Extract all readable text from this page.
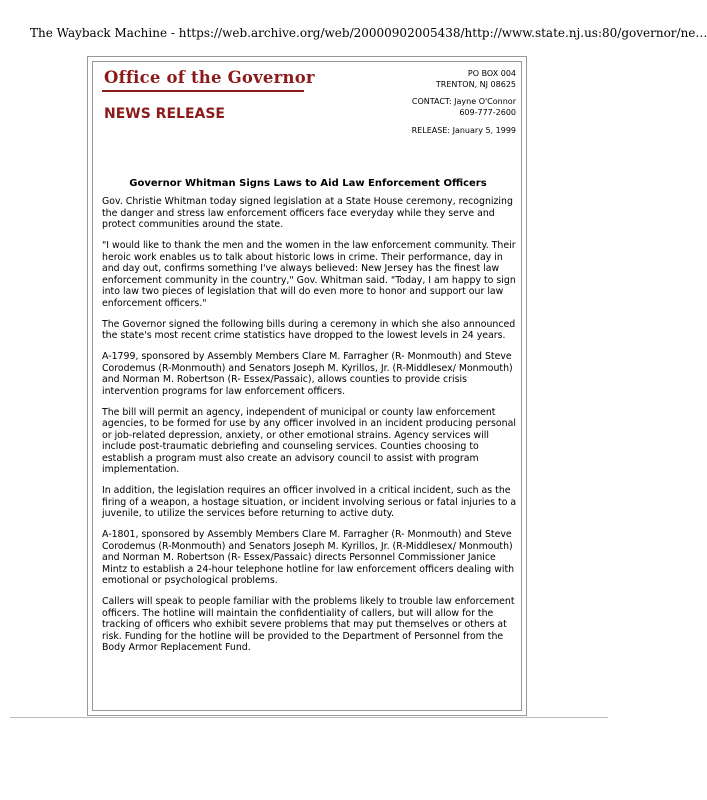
The Wayback Machine - https://web.archive.org/web/20000902005438/http://www.state.nj.us:80/governor/ne…
Office of the Governor
NEWS RELEASE
PO BOX 004
TRENTON, NJ 08625
CONTACT: Jayne O'Connor
609-777-2600
RELEASE: January 5, 1999
Governor Whitman Signs Laws to Aid Law Enforcement Officers

Gov. Christie Whitman today signed legislation at a State House ceremony, recognizing the danger and stress law enforcement officers face everyday while they serve and protect communities around the state.

"I would like to thank the men and the women in the law enforcement community. Their heroic work enables us to talk about historic lows in crime. Their performance, day in and day out, confirms something I've always believed: New Jersey has the finest law enforcement community in the country," Gov. Whitman said. "Today, I am happy to sign into law two pieces of legislation that will do even more to honor and support our law enforcement officers."

The Governor signed the following bills during a ceremony in which she also announced the state's most recent crime statistics have dropped to the lowest levels in 24 years.

A-1799, sponsored by Assembly Members Clare M. Farragher (R- Monmouth) and Steve Corodemus (R-Monmouth) and Senators Joseph M. Kyrillos, Jr. (R-Middlesex/ Monmouth) and Norman M. Robertson (R- Essex/Passaic), allows counties to provide crisis intervention programs for law enforcement officers.

The bill will permit an agency, independent of municipal or county law enforcement agencies, to be formed for use by any officer involved in an incident producing personal or job-related depression, anxiety, or other emotional strains. Agency services will include post-traumatic debriefing and counseling services. Counties choosing to establish a program must also create an advisory council to assist with program implementation.

In addition, the legislation requires an officer involved in a critical incident, such as the firing of a weapon, a hostage situation, or incident involving serious or fatal injuries to a juvenile, to utilize the services before returning to active duty.

A-1801, sponsored by Assembly Members Clare M. Farragher (R- Monmouth) and Steve Corodemus (R-Monmouth) and Senators Joseph M. Kyrillos, Jr. (R-Middlesex/ Monmouth) and Norman M. Robertson (R- Essex/Passaic) directs Personnel Commissioner Janice Mintz to establish a 24-hour telephone hotline for law enforcement officers dealing with emotional or psychological problems.

Callers will speak to people familiar with the problems likely to trouble law enforcement officers. The hotline will maintain the confidentiality of callers, but will allow for the tracking of officers who exhibit severe problems that may put themselves or others at risk. Funding for the hotline will be provided to the Department of Personnel from the Body Armor Replacement Fund.
